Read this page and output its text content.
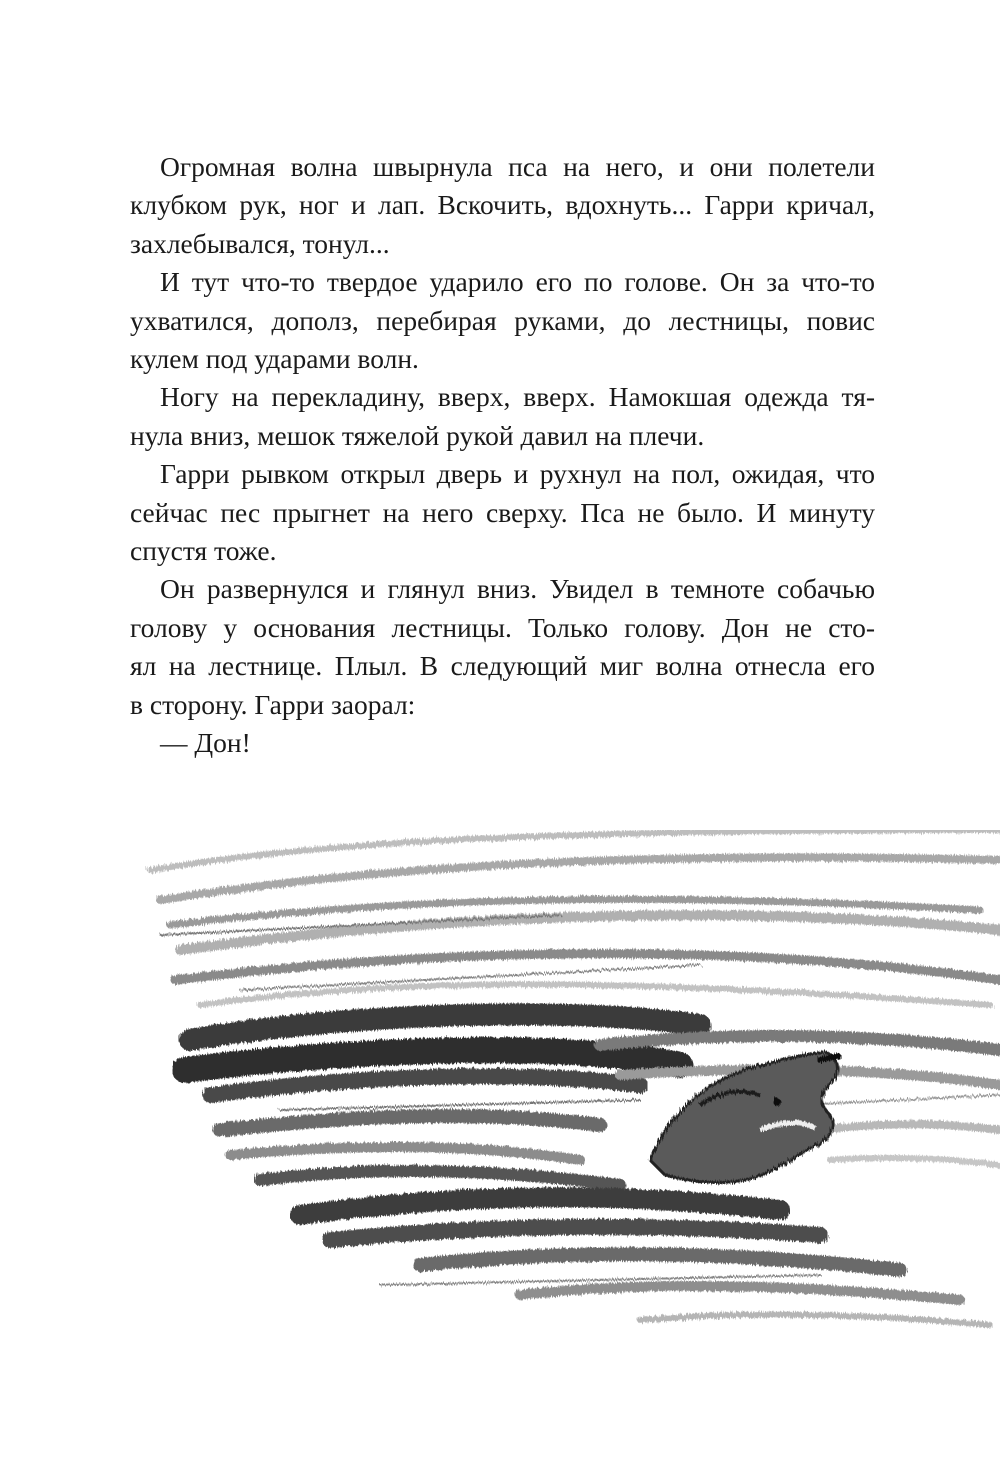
Огромная волна швырнула пса на него, и они полетели
клубком рук, ног и лап. Вскочить, вдохнуть... Гарри кричал,
захлебывался, тонул...

И тут что-то твердое ударило его по голове. Он за что-то
ухватился, дополз, перебирая руками, до лестницы, повис
кулем под ударами волн.

Ногу на перекладину, вверх, вверх. Намокшая одежда тя-
нула вниз, мешок тяжелой рукой давил на плечи.

Гарри рывком открыл дверь и рухнул на пол, ожидая, что
сейчас пес прыгнет на него сверху. Пса не было. И минуту
спустя тоже.

Он развернулся и глянул вниз. Увидел в темноте собачью
голову у основания лестницы. Только голову. Дон не сто-
ял на лестнице. Плыл. В следующий миг волна отнесла его
в сторону. Гарри заорал:

— Дон!
